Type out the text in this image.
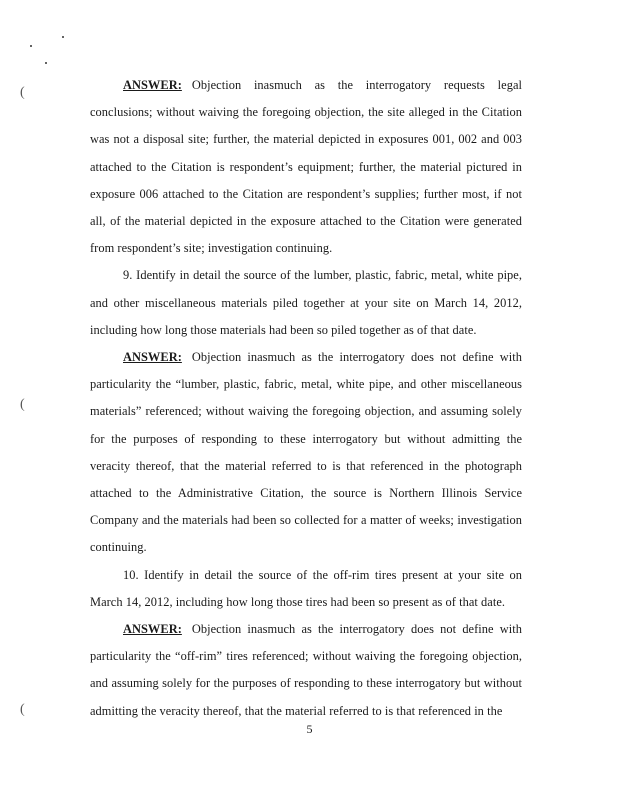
(
(
(

ANSWER: Objection inasmuch as the interrogatory requests legal conclusions; without waiving the foregoing objection, the site alleged in the Citation was not a disposal site; further, the material depicted in exposures 001, 002 and 003 attached to the Citation is respondent’s equipment; further, the material pictured in exposure 006 attached to the Citation are respondent’s supplies; further most, if not all, of the material depicted in the exposure attached to the Citation were generated from respondent’s site; investigation continuing.

9. Identify in detail the source of the lumber, plastic, fabric, metal, white pipe, and other miscellaneous materials piled together at your site on March 14, 2012, including how long those materials had been so piled together as of that date.

ANSWER: Objection inasmuch as the interrogatory does not define with particularity the “lumber, plastic, fabric, metal, white pipe, and other miscellaneous materials” referenced; without waiving the foregoing objection, and assuming solely for the purposes of responding to these interrogatory but without admitting the veracity thereof, that the material referred to is that referenced in the photograph attached to the Administrative Citation, the source is Northern Illinois Service Company and the materials had been so collected for a matter of weeks; investigation continuing.

10. Identify in detail the source of the off-rim tires present at your site on March 14, 2012, including how long those tires had been so present as of that date.

ANSWER: Objection inasmuch as the interrogatory does not define with particularity the “off-rim” tires referenced; without waiving the foregoing objection, and assuming solely for the purposes of responding to these interrogatory but without admitting the veracity thereof, that the material referred to is that referenced in the

5
